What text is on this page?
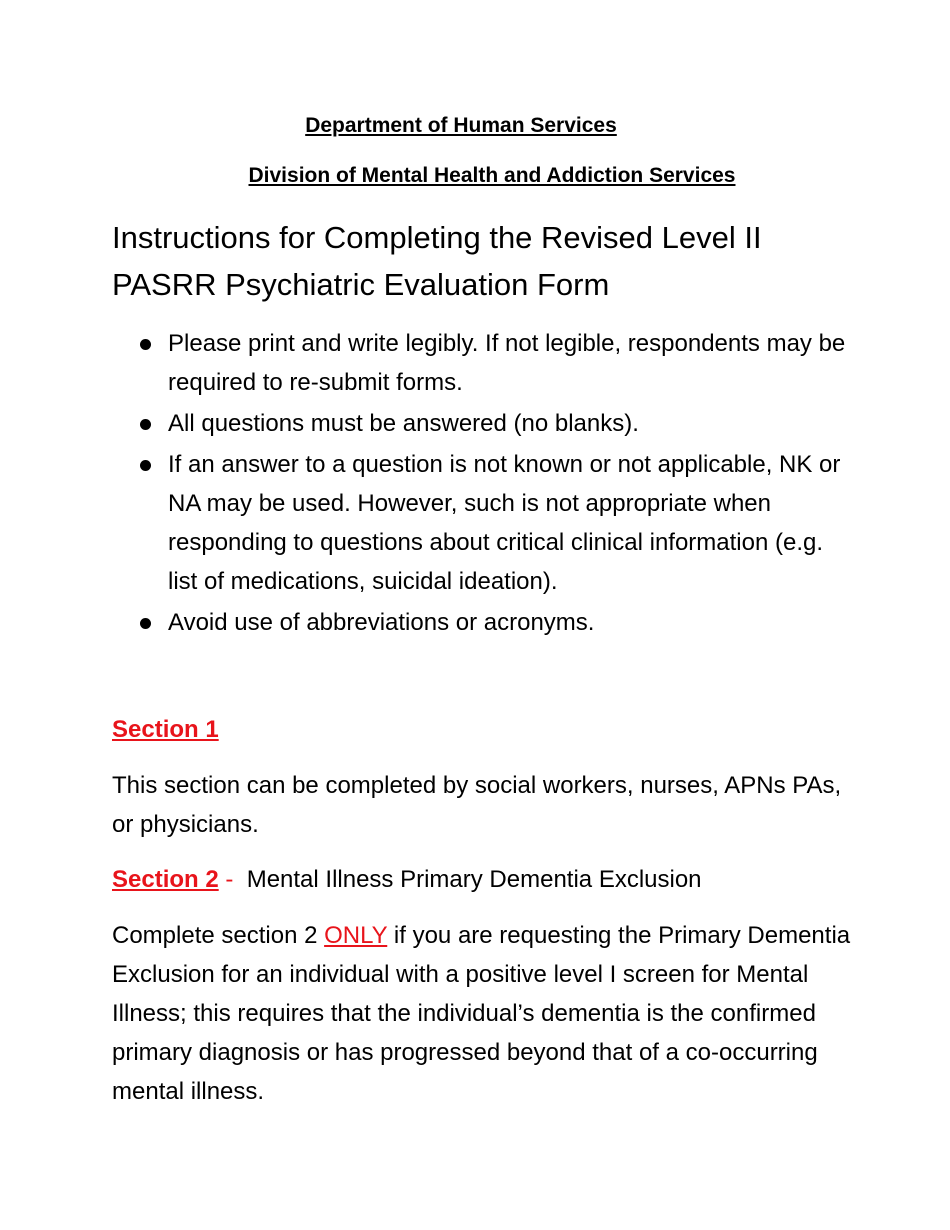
Department of Human Services
Division of Mental Health and Addiction Services
Instructions for Completing the Revised Level II PASRR Psychiatric Evaluation Form
Please print and write legibly. If not legible, respondents may be required to re-submit forms.
All questions must be answered (no blanks).
If an answer to a question is not known or not applicable, NK or NA may be used. However, such is not appropriate when responding to questions about critical clinical information (e.g. list of medications, suicidal ideation).
Avoid use of abbreviations or acronyms.
Section 1
This section can be completed by social workers, nurses, APNs PAs, or physicians.
Section 2 -  Mental Illness Primary Dementia Exclusion
Complete section 2 ONLY if you are requesting the Primary Dementia Exclusion for an individual with a positive level I screen for Mental Illness; this requires that the individual’s dementia is the confirmed primary diagnosis or has progressed beyond that of a co-occurring mental illness.
